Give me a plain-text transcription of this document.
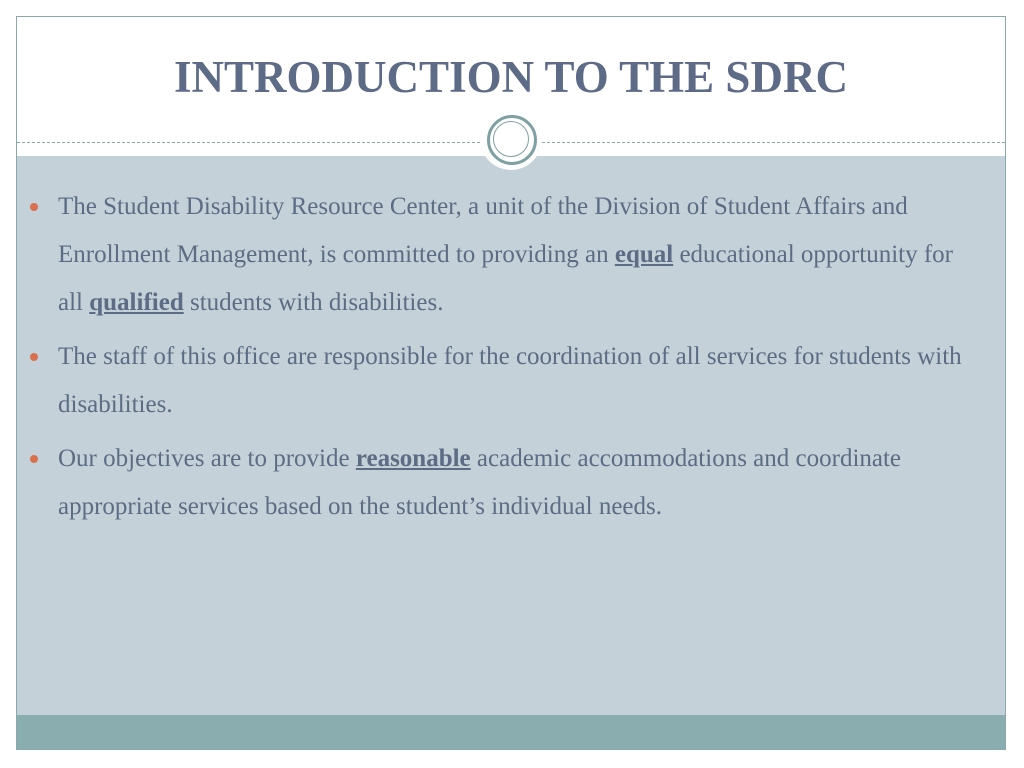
INTRODUCTION TO THE SDRC
The Student Disability Resource Center, a unit of the Division of Student Affairs and Enrollment Management, is committed to providing an equal educational opportunity for all qualified students with disabilities.
The staff of this office are responsible for the coordination of all services for students with disabilities.
Our objectives are to provide reasonable academic accommodations and coordinate appropriate services based on the student’s individual needs.
